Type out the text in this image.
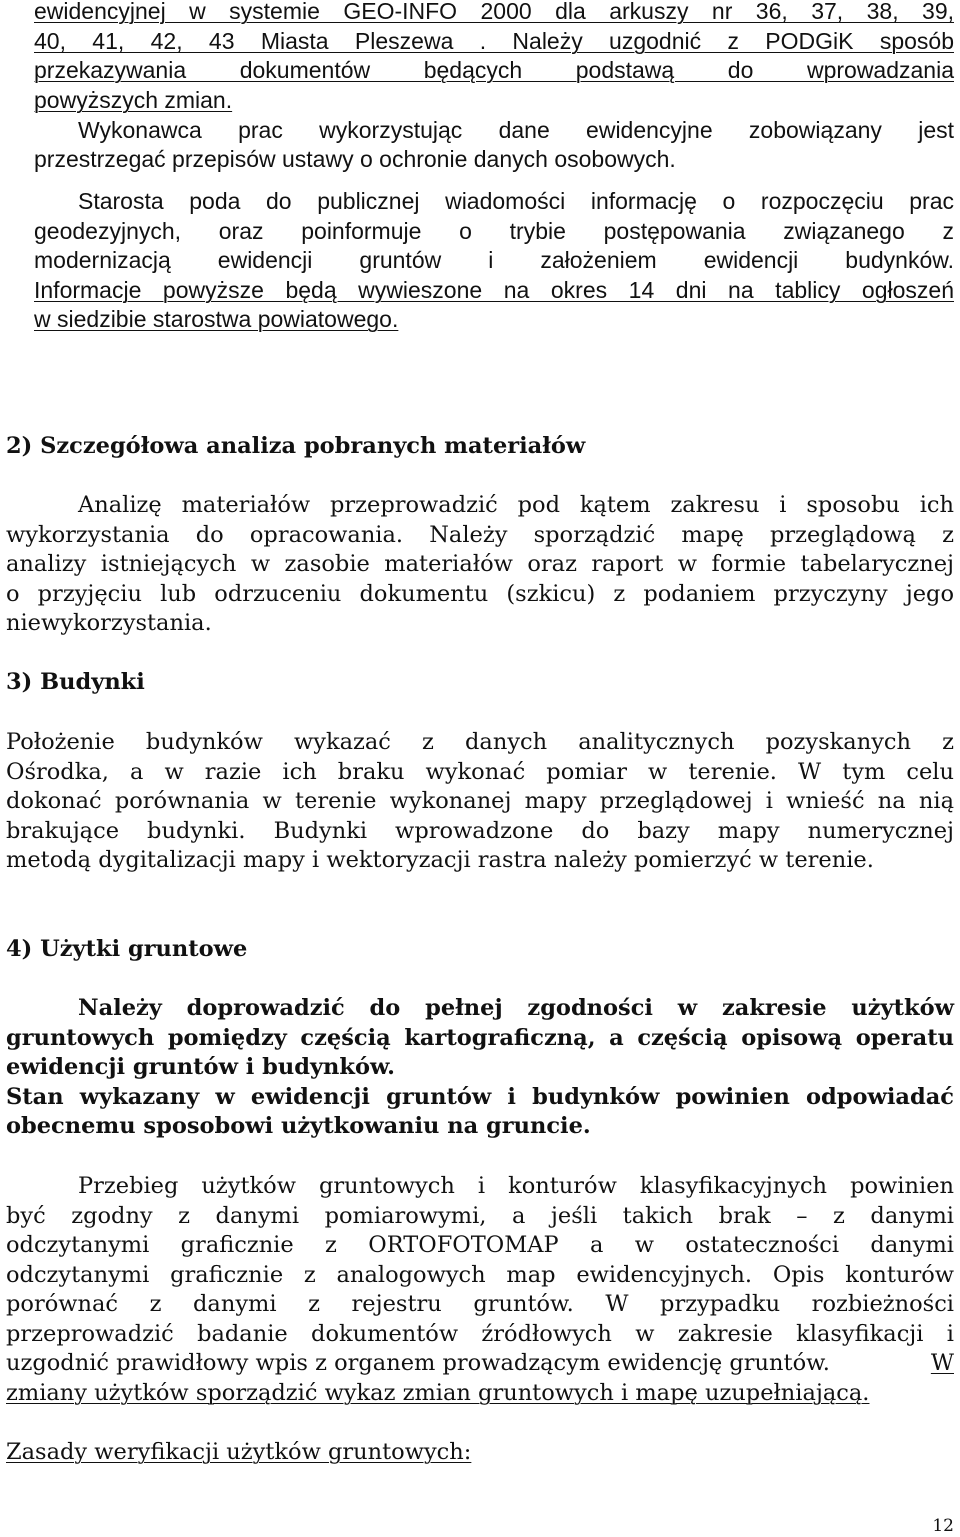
ewidencyjnej w systemie GEO-INFO 2000 dla arkuszy nr 36, 37, 38, 39,

40, 41, 42, 43 Miasta Pleszewa . Należy uzgodnić z PODGiK sposób

przekazywania dokumentów będących podstawą do wprowadzania

powyższych zmian.

Wykonawca prac wykorzystując dane ewidencyjne zobowiązany jest

przestrzegać przepisów ustawy o ochronie danych osobowych.

Starosta poda do publicznej wiadomości informację o rozpoczęciu prac

geodezyjnych, oraz poinformuje o trybie postępowania związanego z

modernizacją ewidencji gruntów i założeniem ewidencji budynków.

Informacje powyższe będą wywieszone na okres 14 dni na tablicy ogłoszeń

w siedzibie starostwa powiatowego.

2) Szczegółowa analiza pobranych materiałów

Analizę materiałów przeprowadzić pod kątem zakresu i sposobu ich

wykorzystania do opracowania. Należy sporządzić mapę przeglądową z

analizy istniejących w zasobie materiałów oraz raport w formie tabelarycznej

o przyjęciu lub odrzuceniu dokumentu (szkicu) z podaniem przyczyny jego

niewykorzystania.

3) Budynki

Położenie budynków wykazać z danych analitycznych pozyskanych z

Ośrodka, a w razie ich braku wykonać pomiar w terenie. W tym celu

dokonać porównania w terenie wykonanej mapy przeglądowej i wnieść na nią

brakujące budynki. Budynki wprowadzone do bazy mapy numerycznej

metodą dygitalizacji mapy i wektoryzacji rastra należy pomierzyć w terenie.

4) Użytki gruntowe

Należy doprowadzić do pełnej zgodności w zakresie użytków

gruntowych pomiędzy częścią kartograficzną, a częścią opisową operatu

ewidencji gruntów i budynków.

Stan wykazany w ewidencji gruntów i budynków powinien odpowiadać

obecnemu sposobowi użytkowaniu na gruncie.

Przebieg użytków gruntowych i konturów klasyfikacyjnych powinien

być zgodny z danymi pomiarowymi, a jeśli takich brak – z danymi

odczytanymi graficznie z ORTOFOTOMAP a w ostateczności danymi

odczytanymi graficznie z analogowych map ewidencyjnych. Opis konturów

porównać z danymi z rejestru gruntów. W przypadku rozbieżności

przeprowadzić badanie dokumentów źródłowych w zakresie klasyfikacji i

uzgodnić prawidłowy wpis z organem prowadzącym ewidencję gruntów.	W

zmiany użytków sporządzić wykaz zmian gruntowych i mapę uzupełniającą.

Zasady weryfikacji użytków gruntowych:

12
